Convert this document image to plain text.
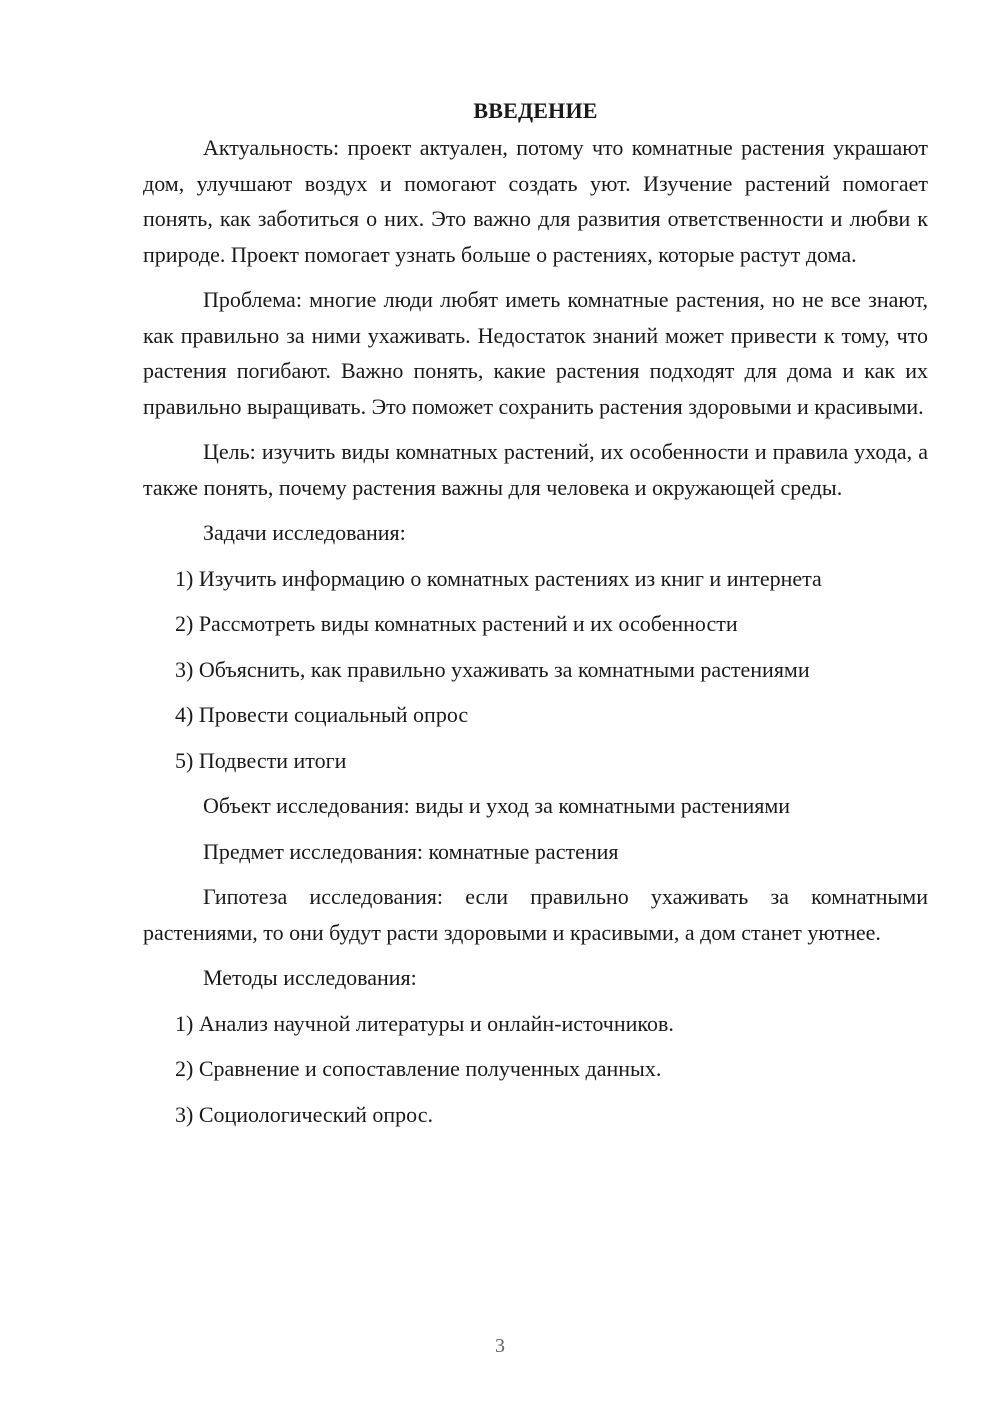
ВВЕДЕНИЕ

Актуальность: проект актуален, потому что комнатные растения украшают дом, улучшают воздух и помогают создать уют. Изучение растений помогает понять, как заботиться о них. Это важно для развития ответственности и любви к природе. Проект помогает узнать больше о растениях, которые растут дома.

Проблема: многие люди любят иметь комнатные растения, но не все знают, как правильно за ними ухаживать. Недостаток знаний может привести к тому, что растения погибают. Важно понять, какие растения подходят для дома и как их правильно выращивать. Это поможет сохранить растения здоровыми и красивыми.

Цель: изучить виды комнатных растений, их особенности и правила ухода, а также понять, почему растения важны для человека и окружающей среды.

Задачи исследования:

1) Изучить информацию о комнатных растениях из книг и интернета
2) Рассмотреть виды комнатных растений и их особенности
3) Объяснить, как правильно ухаживать за комнатными растениями
4) Провести социальный опрос
5) Подвести итоги

Объект исследования: виды и уход за комнатными растениями

Предмет исследования: комнатные растения

Гипотеза исследования: если правильно ухаживать за комнатными растениями, то они будут расти здоровыми и красивыми, а дом станет уютнее.

Методы исследования:

1) Анализ научной литературы и онлайн-источников.
2) Сравнение и сопоставление полученных данных.
3) Социологический опрос.
3
